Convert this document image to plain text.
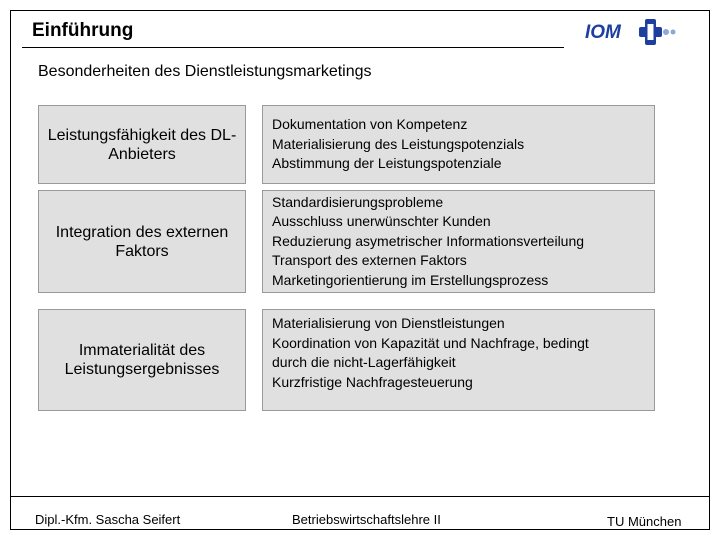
Einführung	IOM
Besonderheiten des Dienstleistungsmarketings
Leistungsfähigkeit des DL-Anbieters
Dokumentation von Kompetenz
Materialisierung des Leistungspotenzials
Abstimmung der Leistungspotenziale
Integration des externen Faktors
Standardisierungsprobleme
Ausschluss unerwünschter Kunden
Reduzierung asymetrischer Informationsverteilung
Transport des externen Faktors
Marketingorientierung im Erstellungsprozess
Immaterialität des Leistungsergebnisses
Materialisierung von Dienstleistungen
Koordination von Kapazität und Nachfrage, bedingt
durch die nicht-Lagerfähigkeit
Kurzfristige Nachfragesteuerung
Dipl.-Kfm. Sascha Seifert	Betriebswirtschaftslehre II	TU München
